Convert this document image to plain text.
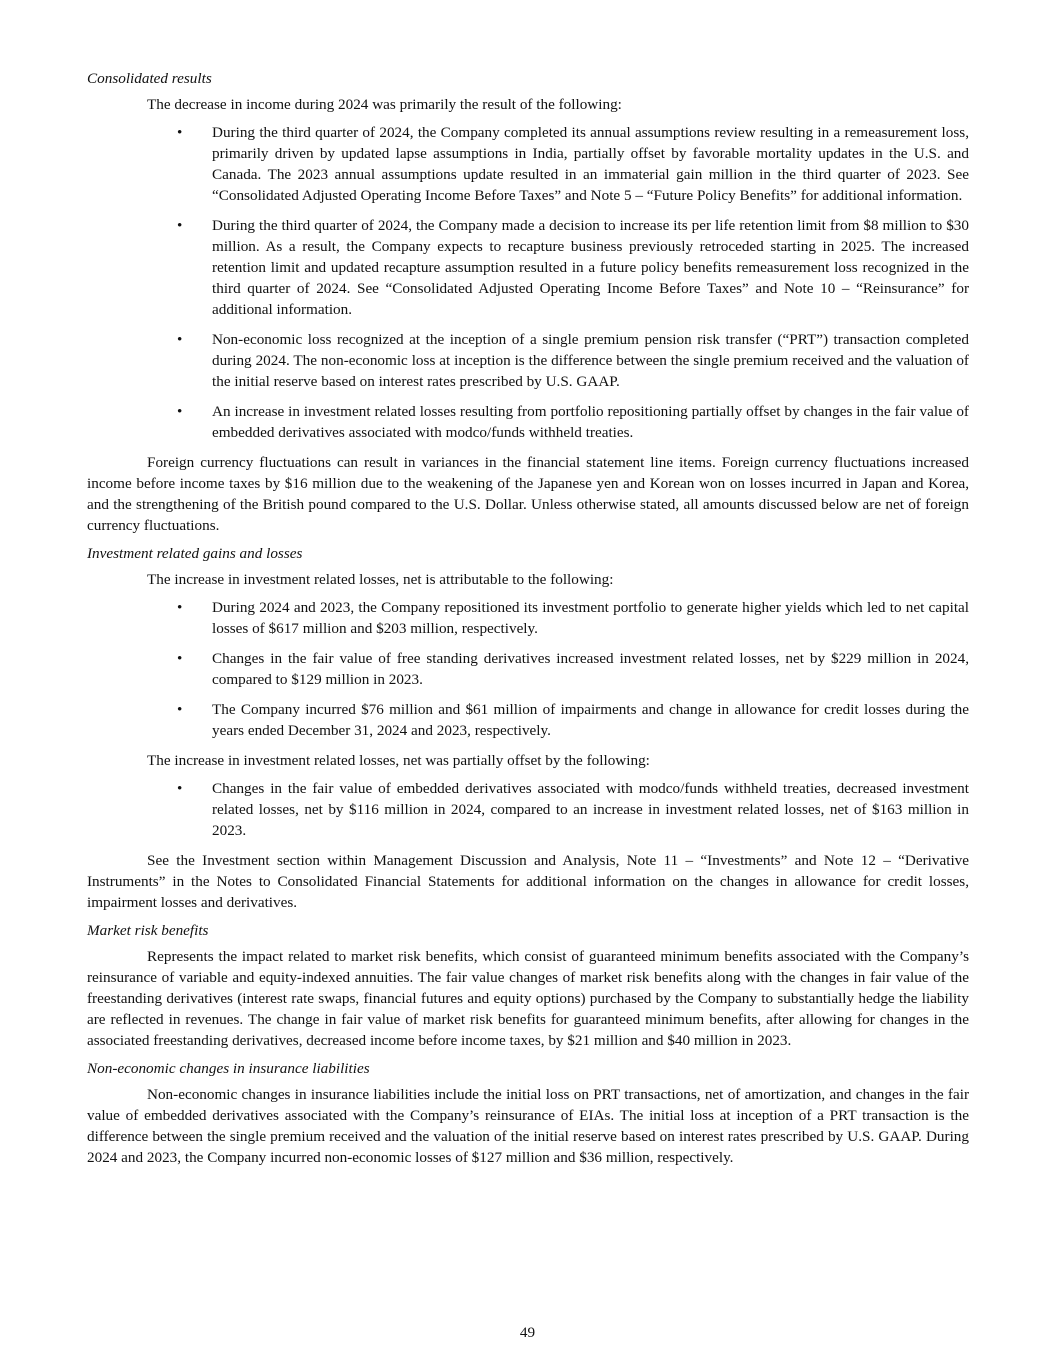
Consolidated results
The decrease in income during 2024 was primarily the result of the following:
•	During the third quarter of 2024, the Company completed its annual assumptions review resulting in a remeasurement loss, primarily driven by updated lapse assumptions in India, partially offset by favorable mortality updates in the U.S. and Canada. The 2023 annual assumptions update resulted in an immaterial gain million in the third quarter of 2023. See “Consolidated Adjusted Operating Income Before Taxes” and Note 5 – “Future Policy Benefits” for additional information.
•	During the third quarter of 2024, the Company made a decision to increase its per life retention limit from $8 million to $30 million. As a result, the Company expects to recapture business previously retroceded starting in 2025. The increased retention limit and updated recapture assumption resulted in a future policy benefits remeasurement loss recognized in the third quarter of 2024. See “Consolidated Adjusted Operating Income Before Taxes” and Note 10 – “Reinsurance” for additional information.
•	Non-economic loss recognized at the inception of a single premium pension risk transfer (“PRT”) transaction completed during 2024. The non-economic loss at inception is the difference between the single premium received and the valuation of the initial reserve based on interest rates prescribed by U.S. GAAP.
•	An increase in investment related losses resulting from portfolio repositioning partially offset by changes in the fair value of embedded derivatives associated with modco/funds withheld treaties.

Foreign currency fluctuations can result in variances in the financial statement line items. Foreign currency fluctuations increased income before income taxes by $16 million due to the weakening of the Japanese yen and Korean won on losses incurred in Japan and Korea, and the strengthening of the British pound compared to the U.S. Dollar. Unless otherwise stated, all amounts discussed below are net of foreign currency fluctuations.

Investment related gains and losses
The increase in investment related losses, net is attributable to the following:
•	During 2024 and 2023, the Company repositioned its investment portfolio to generate higher yields which led to net capital losses of $617 million and $203 million, respectively.
•	Changes in the fair value of free standing derivatives increased investment related losses, net by $229 million in 2024, compared to $129 million in 2023.
•	The Company incurred $76 million and $61 million of impairments and change in allowance for credit losses during the years ended December 31, 2024 and 2023, respectively.
The increase in investment related losses, net was partially offset by the following:
•	Changes in the fair value of embedded derivatives associated with modco/funds withheld treaties, decreased investment related losses, net by $116 million in 2024, compared to an increase in investment related losses, net of $163 million in 2023.

See the Investment section within Management Discussion and Analysis, Note 11 – “Investments” and Note 12 – “Derivative Instruments” in the Notes to Consolidated Financial Statements for additional information on the changes in allowance for credit losses, impairment losses and derivatives.

Market risk benefits

Represents the impact related to market risk benefits, which consist of guaranteed minimum benefits associated with the Company’s reinsurance of variable and equity-indexed annuities. The fair value changes of market risk benefits along with the changes in fair value of the freestanding derivatives (interest rate swaps, financial futures and equity options) purchased by the Company to substantially hedge the liability are reflected in revenues. The change in fair value of market risk benefits for guaranteed minimum benefits, after allowing for changes in the associated freestanding derivatives, decreased income before income taxes, by $21 million and $40 million in 2023.

Non-economic changes in insurance liabilities

Non-economic changes in insurance liabilities include the initial loss on PRT transactions, net of amortization, and changes in the fair value of embedded derivatives associated with the Company’s reinsurance of EIAs. The initial loss at inception of a PRT transaction is the difference between the single premium received and the valuation of the initial reserve based on interest rates prescribed by U.S. GAAP. During 2024 and 2023, the Company incurred non-economic losses of $127 million and $36 million, respectively.

49
